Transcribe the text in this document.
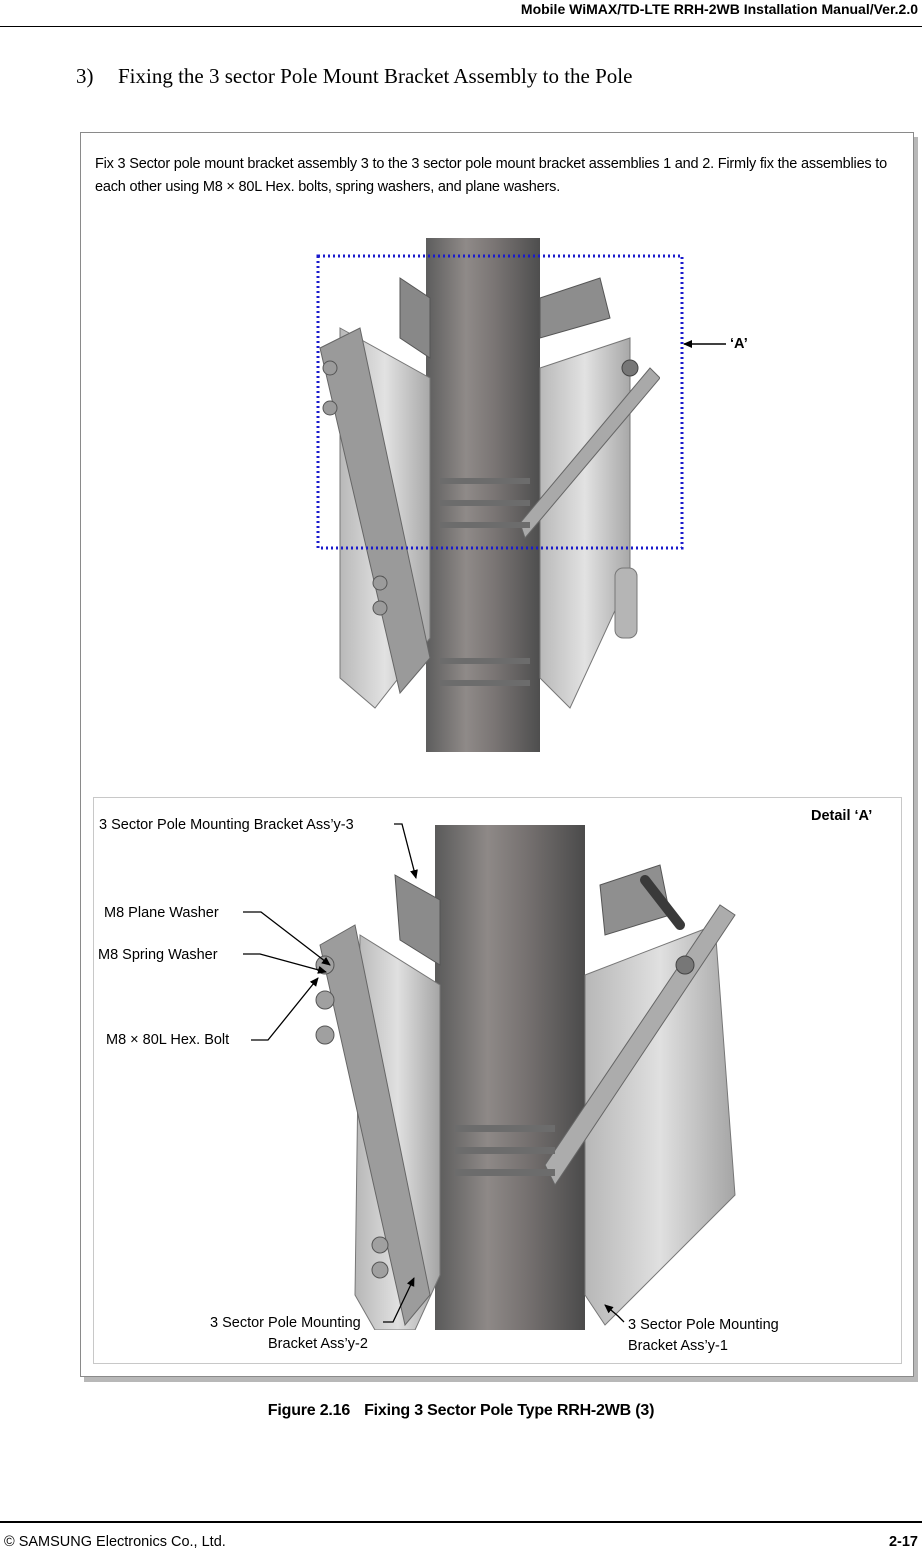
Mobile WiMAX/TD-LTE RRH-2WB Installation Manual/Ver.2.0
3) Fixing the 3 sector Pole Mount Bracket Assembly to the Pole
Fix 3 Sector pole mount bracket assembly 3 to the 3 sector pole mount bracket assemblies 1 and 2. Firmly fix the assemblies to each other using M8 × 80L Hex. bolts, spring washers, and plane washers.
‘A’
Detail ‘A’
3 Sector Pole Mounting Bracket Ass’y-3
M8 Plane Washer
M8 Spring Washer
M8 × 80L Hex. Bolt
3 Sector Pole Mounting
Bracket Ass’y-2
3 Sector Pole Mounting
Bracket Ass’y-1
Figure 2.16 Fixing 3 Sector Pole Type RRH-2WB (3)
© SAMSUNG Electronics Co., Ltd.	2-17
